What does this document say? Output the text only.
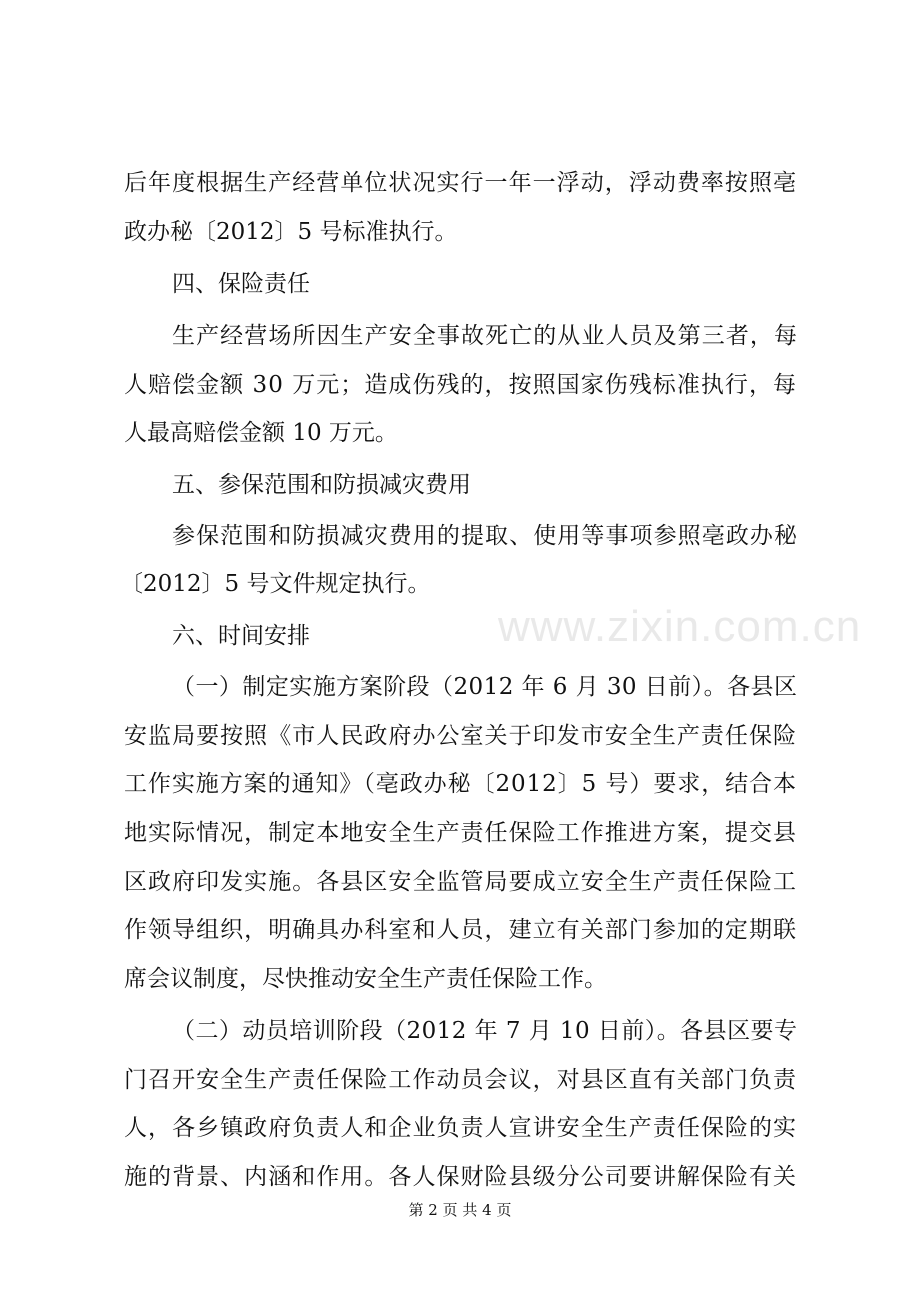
后年度根据生产经营单位状况实行一年一浮动，浮动费率按照亳
政办秘〔2012〕5 号标准执行。
四、保险责任
生产经营场所因生产安全事故死亡的从业人员及第三者，每
人赔偿金额 30 万元；造成伤残的，按照国家伤残标准执行，每
人最高赔偿金额 10 万元。
五、参保范围和防损减灾费用
参保范围和防损减灾费用的提取、使用等事项参照亳政办秘
〔2012〕5 号文件规定执行。
六、时间安排
（一）制定实施方案阶段（2012 年 6 月 30 日前）。各县区
安监局要按照《市人民政府办公室关于印发市安全生产责任保险
工作实施方案的通知》（亳政办秘〔2012〕5 号）要求，结合本
地实际情况，制定本地安全生产责任保险工作推进方案，提交县
区政府印发实施。各县区安全监管局要成立安全生产责任保险工
作领导组织，明确具办科室和人员，建立有关部门参加的定期联
席会议制度，尽快推动安全生产责任保险工作。
（二）动员培训阶段（2012 年 7 月 10 日前）。各县区要专
门召开安全生产责任保险工作动员会议，对县区直有关部门负责
人，各乡镇政府负责人和企业负责人宣讲安全生产责任保险的实
施的背景、内涵和作用。各人保财险县级分公司要讲解保险有关
www.zixin.com.cn
第 2 页 共 4 页
